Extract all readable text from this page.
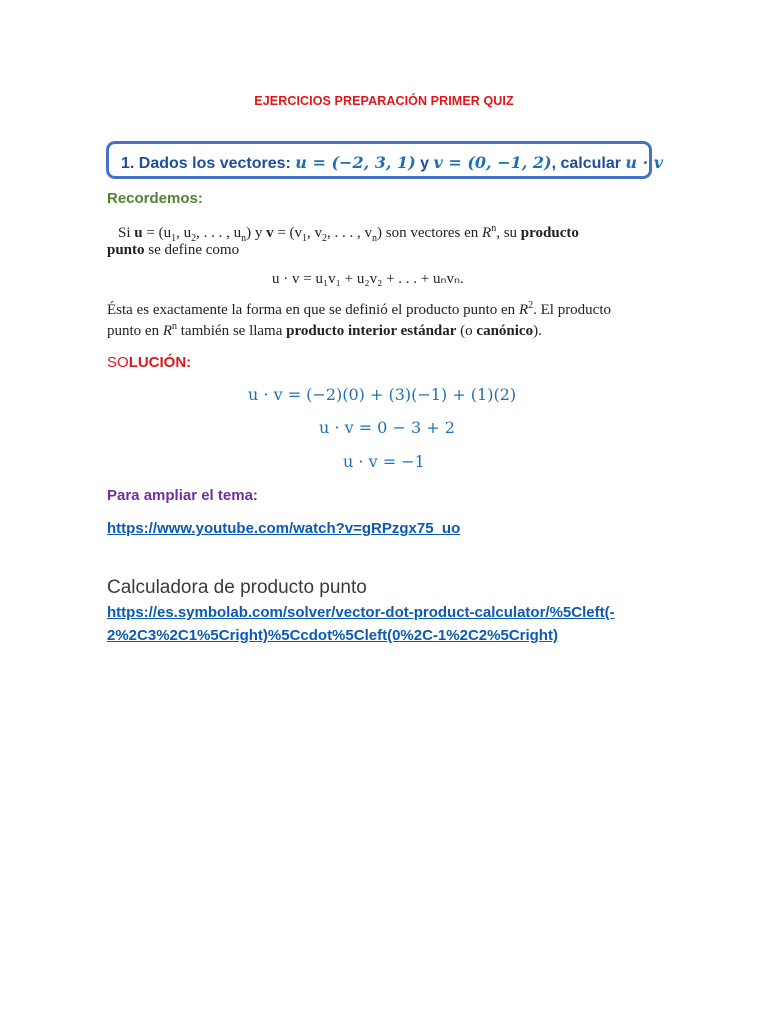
EJERCICIOS PREPARACIÓN PRIMER QUIZ
1. Dados los vectores: u = (−2, 3, 1) y v = (0, −1, 2), calcular u · v
Recordemos:
Si $u = (u_1$, $u_2$, . . . , $u_n$) y $v = (v_1$, $v_2$, . . . , $v_n$) son vectores en $R^n$, su producto
punto se define como
u · v = u₁v₁ + u₂v₂ + . . . + uₙvₙ.
Ésta es exactamente la forma en que se definió el producto punto en $R^2$. El producto
punto en $R^n$ también se llama producto interior estándar (o canónico).
SOLUCIÓN:
u · v = (−2)(0) + (3)(−1) + (1)(2)
u · v = 0 − 3 + 2
u · v = −1
Para ampliar el tema:
https://www.youtube.com/watch?v=gRPzgx75_uo
Calculadora de producto punto
https://es.symbolab.com/solver/vector-dot-product-calculator/%5Cleft(-
2%2C3%2C1%5Cright)%5Ccdot%5Cleft(0%2C-1%2C2%5Cright)
